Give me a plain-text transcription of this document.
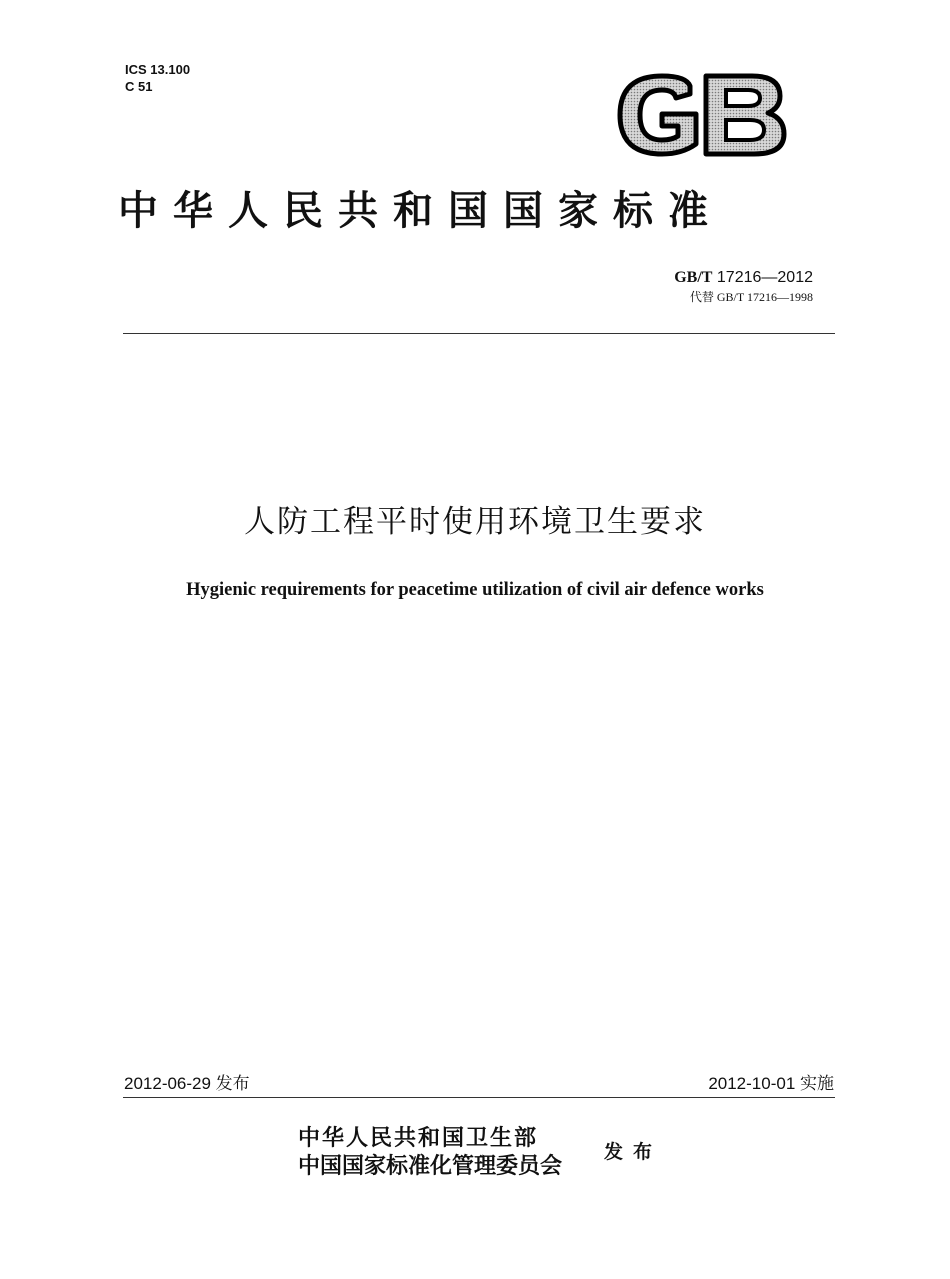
ICS 13.100
C 51
中华人民共和国国家标准
GB/T 17216—2012
代替 GB/T 17216—1998
人防工程平时使用环境卫生要求
Hygienic requirements for peacetime utilization of civil air defence works
2012-06-29 发布	2012-10-01 实施
中华人民共和国卫生部
中国国家标准化管理委员会
发布
